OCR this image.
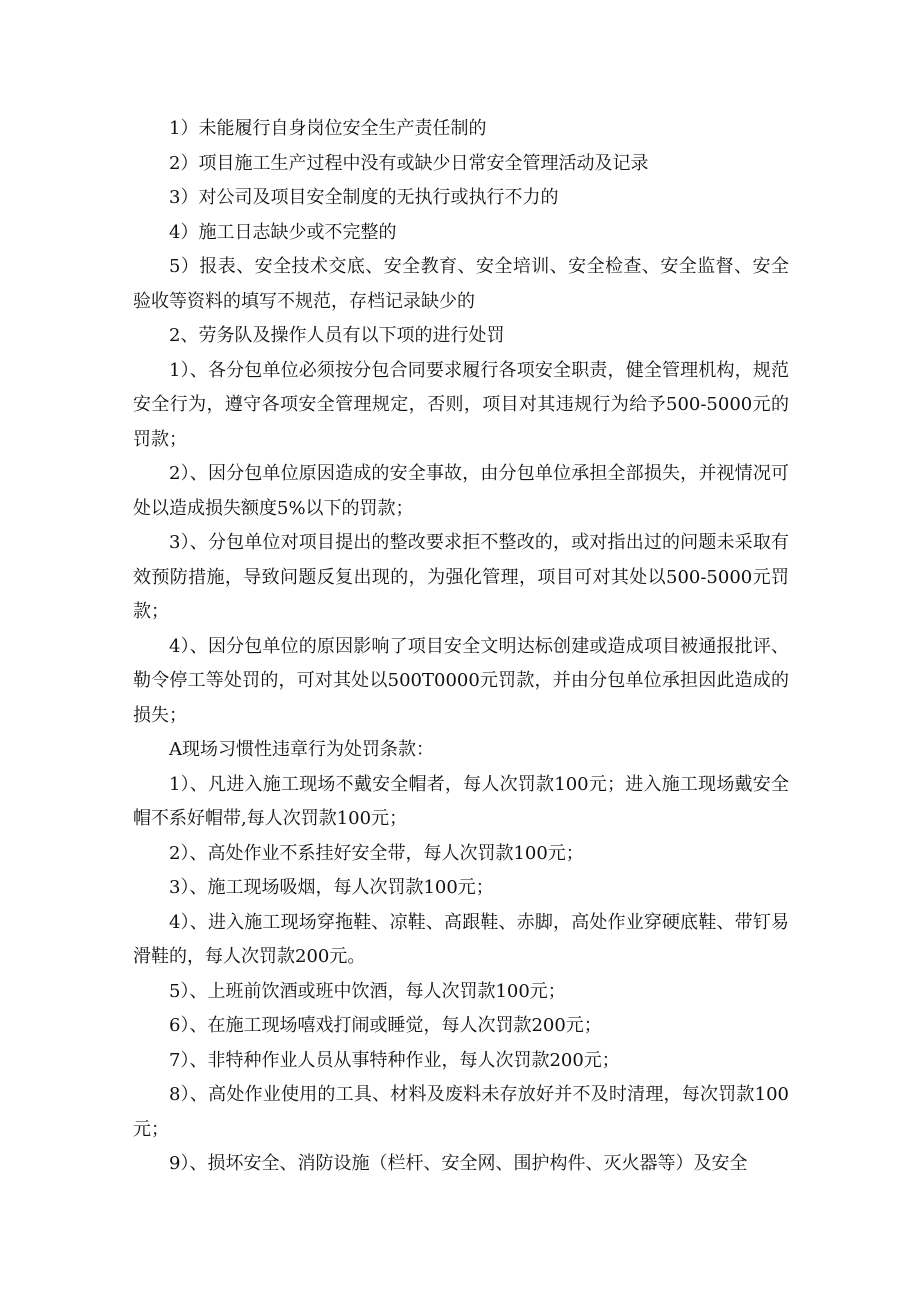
1）未能履行自身岗位安全生产责任制的

2）项目施工生产过程中没有或缺少日常安全管理活动及记录

3）对公司及项目安全制度的无执行或执行不力的

4）施工日志缺少或不完整的

5）报表、安全技术交底、安全教育、安全培训、安全检查、安全监督、安全验收等资料的填写不规范，存档记录缺少的

2、劳务队及操作人员有以下项的进行处罚

1）、各分包单位必须按分包合同要求履行各项安全职责，健全管理机构，规范安全行为，遵守各项安全管理规定，否则，项目对其违规行为给予500-5000元的罚款；

2）、因分包单位原因造成的安全事故，由分包单位承担全部损失，并视情况可处以造成损失额度5%以下的罚款；

3）、分包单位对项目提出的整改要求拒不整改的，或对指出过的问题未采取有效预防措施，导致问题反复出现的，为强化管理，项目可对其处以500-5000元罚款；

4）、因分包单位的原因影响了项目安全文明达标创建或造成项目被通报批评、勒令停工等处罚的，可对其处以500T0000元罚款，并由分包单位承担因此造成的损失；

A现场习惯性违章行为处罚条款：

1）、凡进入施工现场不戴安全帽者，每人次罚款100元；进入施工现场戴安全帽不系好帽带,每人次罚款100元；

2）、高处作业不系挂好安全带，每人次罚款100元；

3）、施工现场吸烟，每人次罚款100元；

4）、进入施工现场穿拖鞋、凉鞋、高跟鞋、赤脚，高处作业穿硬底鞋、带钉易滑鞋的，每人次罚款200元。

5）、上班前饮酒或班中饮酒，每人次罚款100元；

6）、在施工现场嘻戏打闹或睡觉，每人次罚款200元；

7）、非特种作业人员从事特种作业，每人次罚款200元；

8）、高处作业使用的工具、材料及废料未存放好并不及时清理，每次罚款100元；

9）、损坏安全、消防设施（栏杆、安全网、围护构件、灭火器等）及安全
